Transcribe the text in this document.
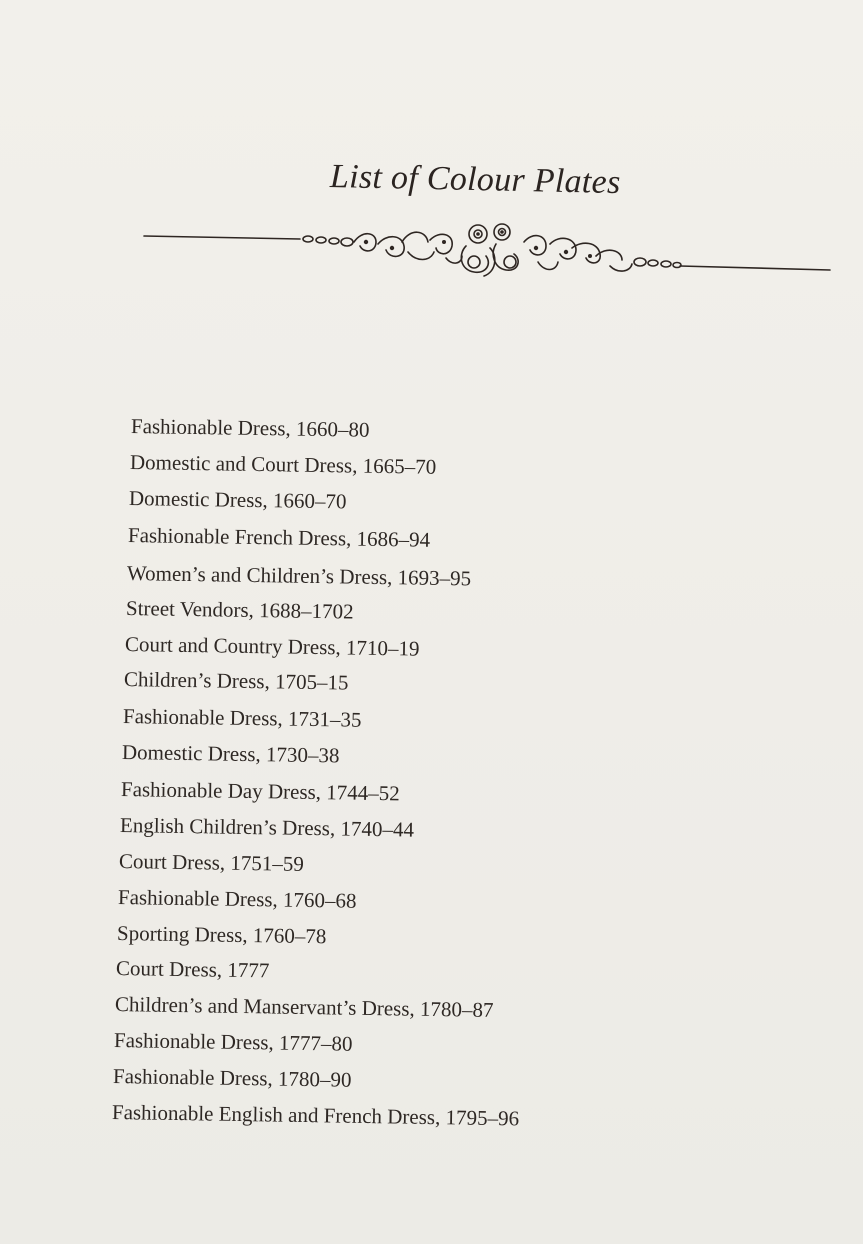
List of Colour Plates
Fashionable Dress, 1660–80
Domestic and Court Dress, 1665–70
Domestic Dress, 1660–70
Fashionable French Dress, 1686–94
Women’s and Children’s Dress, 1693–95
Street Vendors, 1688–1702
Court and Country Dress, 1710–19
Children’s Dress, 1705–15
Fashionable Dress, 1731–35
Domestic Dress, 1730–38
Fashionable Day Dress, 1744–52
English Children’s Dress, 1740–44
Court Dress, 1751–59
Fashionable Dress, 1760–68
Sporting Dress, 1760–78
Court Dress, 1777
Children’s and Manservant’s Dress, 1780–87
Fashionable Dress, 1777–80
Fashionable Dress, 1780–90
Fashionable English and French Dress, 1795–96
